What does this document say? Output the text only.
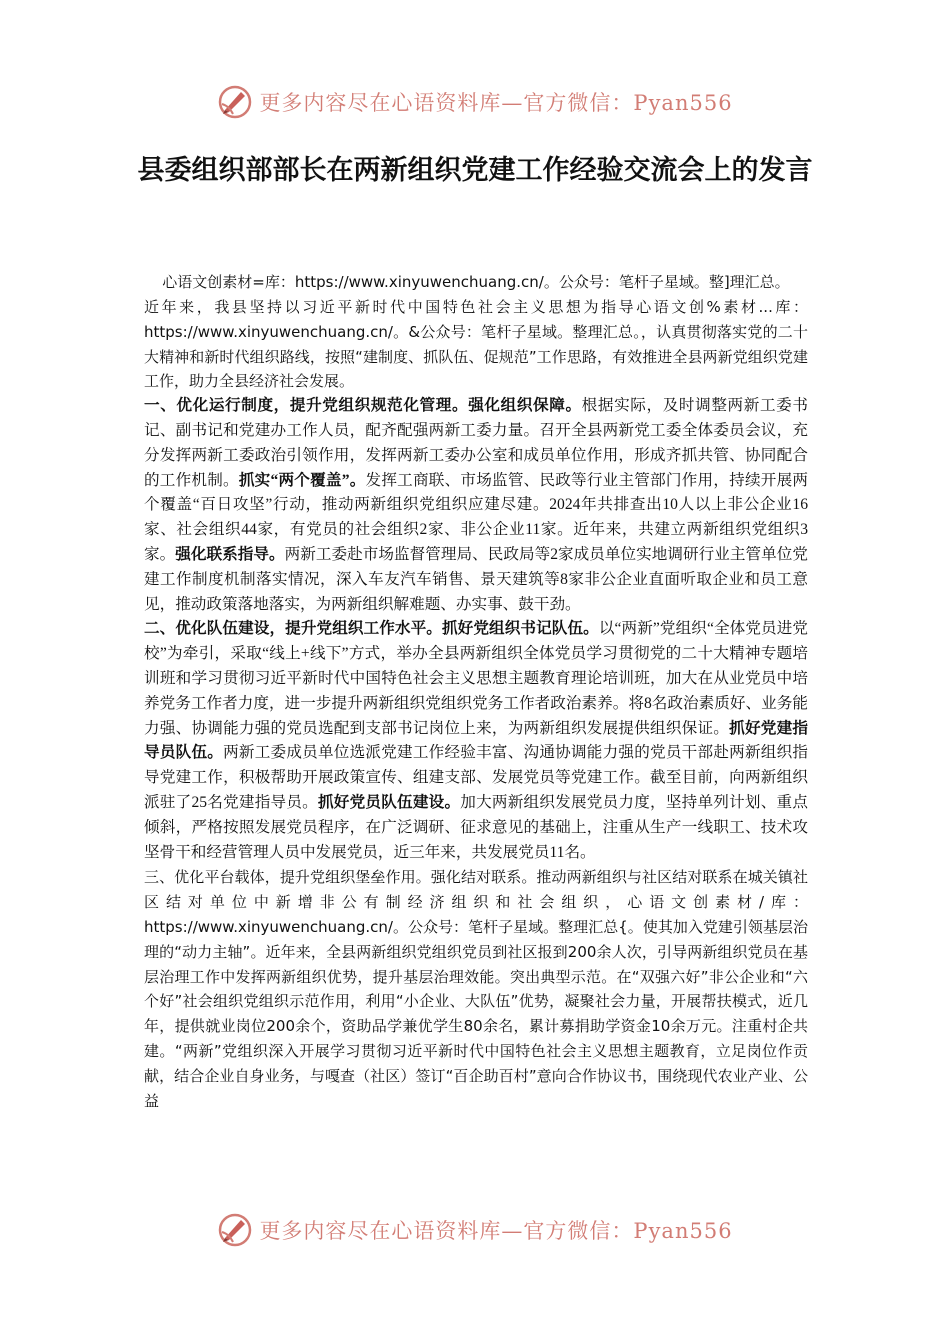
更多内容尽在心语资料库—官方微信：Pyan556
县委组织部部长在两新组织党建工作经验交流会上的发言

心语文创素材=库：https://www.xinyuwenchuang.cn/。公众号：笔杆子星域。整]理汇总。

近年来，我县坚持以习近平新时代中国特色社会主义思想为指导心语文创%素材...库：https://www.xinyuwenchuang.cn/。&公众号：笔杆子星域。整理汇总。，认真贯彻落实党的二十大精神和新时代组织路线，按照“建制度、抓队伍、促规范”工作思路，有效推进全县两新党组织党建工作，助力全县经济社会发展。

一、优化运行制度，提升党组织规范化管理。强化组织保障。根据实际，及时调整两新工委书记、副书记和党建办工作人员，配齐配强两新工委力量。召开全县两新党工委全体委员会议，充分发挥两新工委政治引领作用，发挥两新工委办公室和成员单位作用，形成齐抓共管、协同配合的工作机制。抓实“两个覆盖”。发挥工商联、市场监管、民政等行业主管部门作用，持续开展两个覆盖“百日攻坚”行动，推动两新组织党组织应建尽建。2024年共排查出10人以上非公企业16家、社会组织44家，有党员的社会组织2家、非公企业11家。近年来，共建立两新组织党组织3家。强化联系指导。两新工委赴市场监督管理局、民政局等2家成员单位实地调研行业主管单位党建工作制度机制落实情况，深入车友汽车销售、景天建筑等8家非公企业直面听取企业和员工意见，推动政策落地落实，为两新组织解难题、办实事、鼓干劲。

二、优化队伍建设，提升党组织工作水平。抓好党组织书记队伍。以“两新”党组织“全体党员进党校”为牵引，采取“线上+线下”方式，举办全县两新组织全体党员学习贯彻党的二十大精神专题培训班和学习贯彻习近平新时代中国特色社会主义思想主题教育理论培训班，加大在从业党员中培养党务工作者力度，进一步提升两新组织党组织党务工作者政治素养。将8名政治素质好、业务能力强、协调能力强的党员选配到支部书记岗位上来，为两新组织发展提供组织保证。抓好党建指导员队伍。两新工委成员单位选派党建工作经验丰富、沟通协调能力强的党员干部赴两新组织指导党建工作，积极帮助开展政策宣传、组建支部、发展党员等党建工作。截至目前，向两新组织派驻了25名党建指导员。抓好党员队伍建设。加大两新组织发展党员力度，坚持单列计划、重点倾斜，严格按照发展党员程序，在广泛调研、征求意见的基础上，注重从生产一线职工、技术攻坚骨干和经营管理人员中发展党员，近三年来，共发展党员11名。

三、优化平台载体，提升党组织堡垒作用。强化结对联系。推动两新组织与社区结对联系在城关镇社区结对单位中新增非公有制经济组织和社会组织，心语文创素材/库：https://www.xinyuwenchuang.cn/。公众号：笔杆子星域。整理汇总{。使其加入党建引领基层治理的“动力主轴”。近年来，全县两新组织党组织党员到社区报到200余人次，引导两新组织党员在基层治理工作中发挥两新组织优势，提升基层治理效能。突出典型示范。在“双强六好”非公企业和“六个好”社会组织党组织示范作用，利用“小企业、大队伍”优势，凝聚社会力量，开展帮扶模式，近几年，提供就业岗位200余个，资助品学兼优学生80余名，累计募捐助学资金10余万元。注重村企共建。“两新”党组织深入开展学习贯彻习近平新时代中国特色社会主义思想主题教育，立足岗位作贡献，结合企业自身业务，与嘎查（社区）签订“百企助百村”意向合作协议书，围绕现代农业产业、公益

更多内容尽在心语资料库—官方微信：Pyan556
